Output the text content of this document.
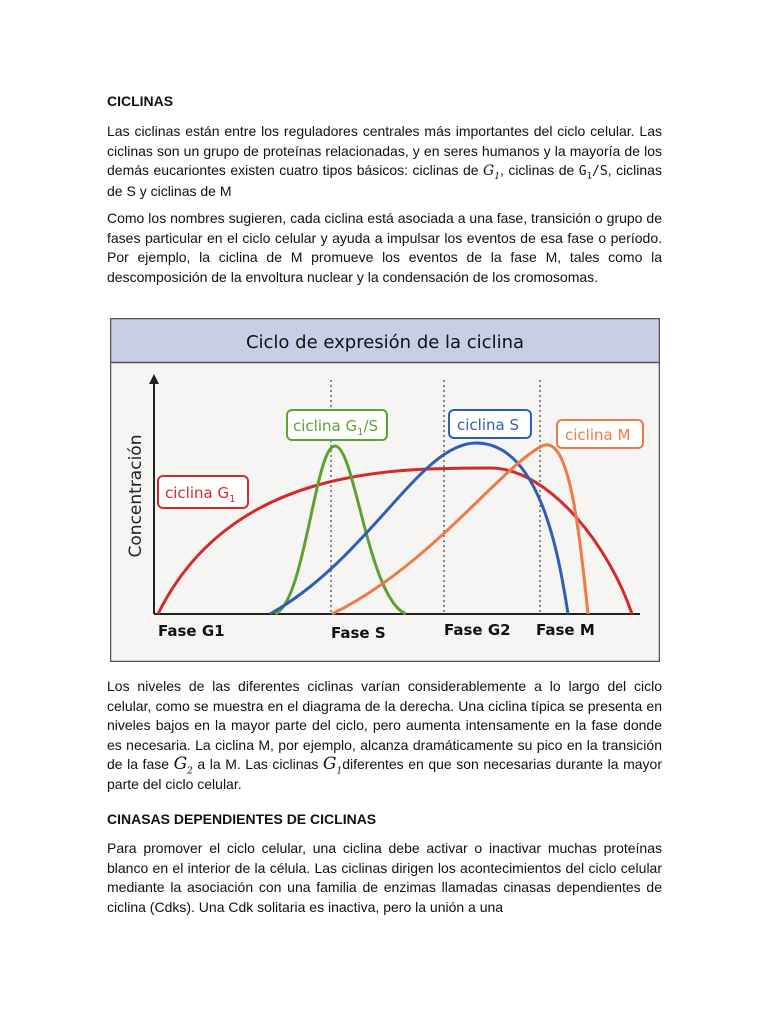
CICLINAS

Las ciclinas están entre los reguladores centrales más importantes del ciclo celular. Las ciclinas son un grupo de proteínas relacionadas, y en seres humanos y la mayoría de los demás eucariontes existen cuatro tipos básicos: ciclinas de $G_1$, ciclinas de $G_1/S$, ciclinas de S y ciclinas de M

Como los nombres sugieren, cada ciclina está asociada a una fase, transición o grupo de fases particular en el ciclo celular y ayuda a impulsar los eventos de esa fase o período. Por ejemplo, la ciclina de M promueve los eventos de la fase M, tales como la descomposición de la envoltura nuclear y la condensación de los cromosomas.

Ciclo de expresión de la ciclina
Concentración ciclina $G_1$
ciclina $G_1/S$	ciclina S
ciclina M
Fase G1	Fase S	Fase G2 Fase M

Los niveles de las diferentes ciclinas varían considerablemente a lo largo del ciclo celular, como se muestra en el diagrama de la derecha. Una ciclina típica se presenta en niveles bajos en la mayor parte del ciclo, pero aumenta intensamente en la fase donde es necesaria. La ciclina M, por ejemplo, alcanza dramáticamente su pico en la transición de la fase $G_2$ a la M. Las ciclinas $G_1diferentes$ en que son necesarias durante la mayor parte del ciclo celular.

CINASAS DEPENDIENTES DE CICLINAS

Para promover el ciclo celular, una ciclina debe activar o inactivar muchas proteínas blanco en el interior de la célula. Las ciclinas dirigen los acontecimientos del ciclo celular mediante la asociación con una familia de enzimas llamadas cinasas dependientes de ciclina (Cdks). Una Cdk solitaria es inactiva, pero la unión a una
